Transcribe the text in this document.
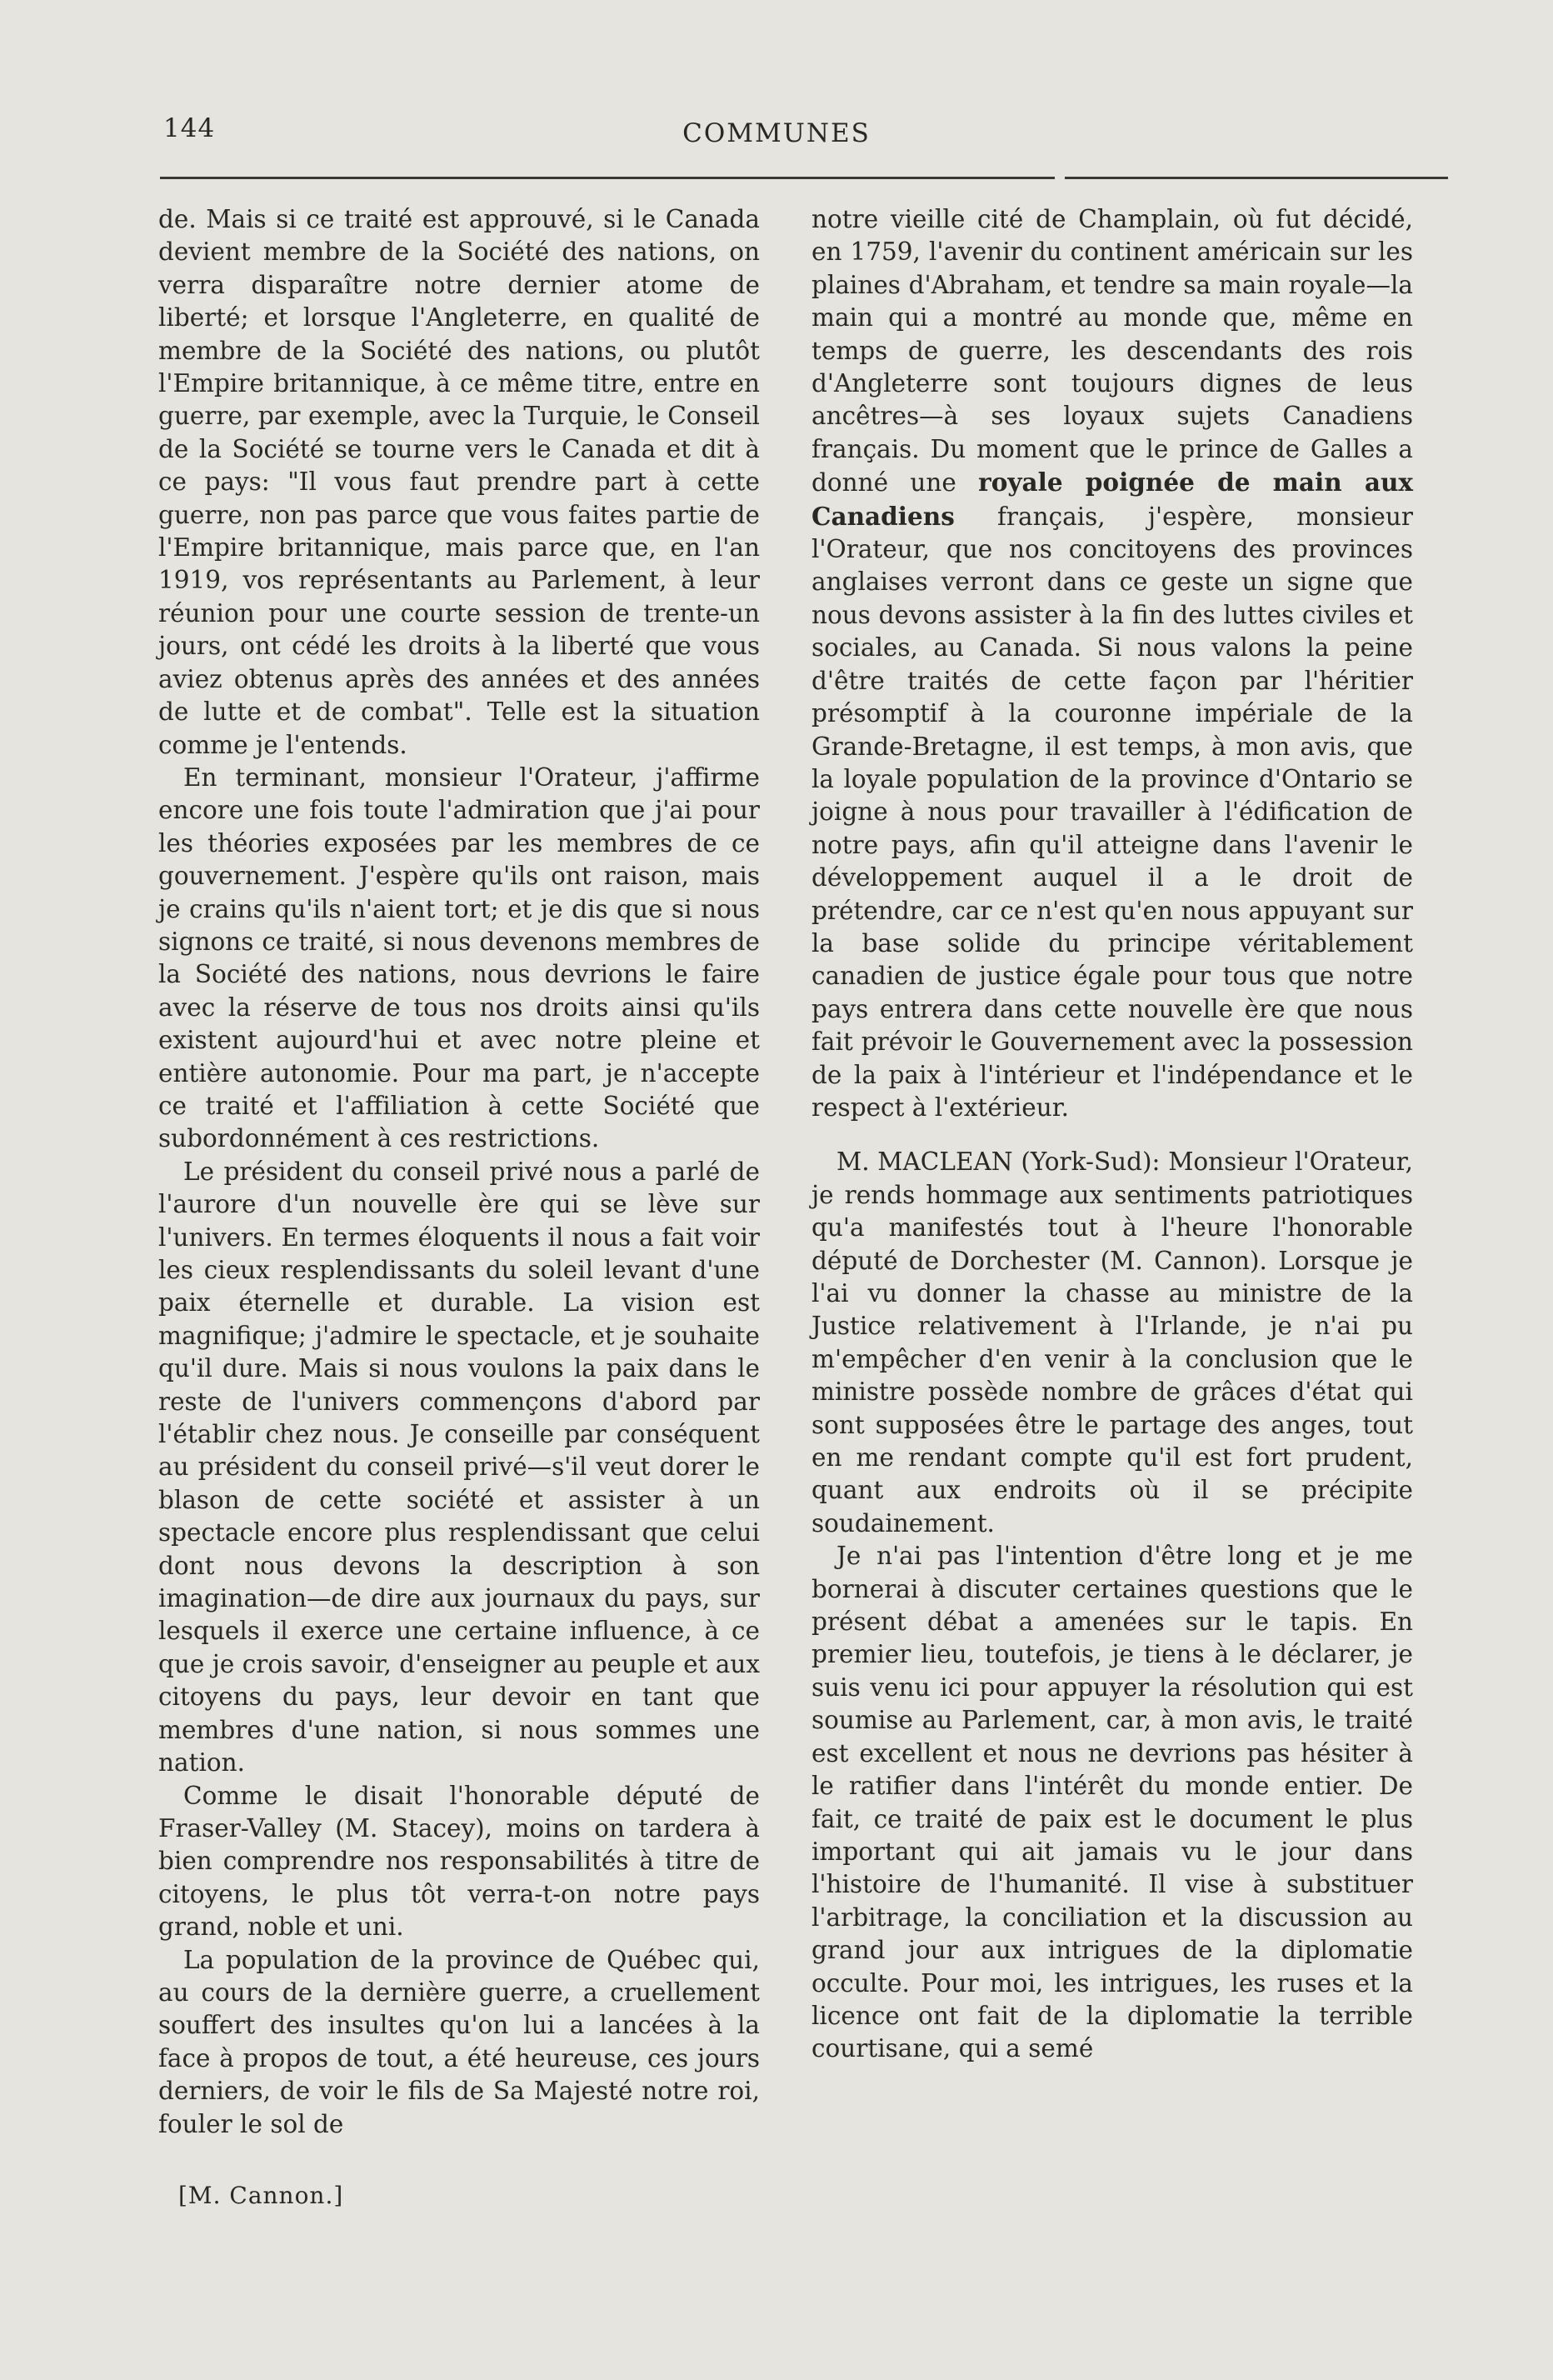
144	COMMUNES

de. Mais si ce traité est approuvé, si le Canada devient membre de la Société des nations, on verra disparaître notre dernier atome de liberté; et lorsque l'Angleterre, en qualité de membre de la Société des nations, ou plutôt l'Empire britannique, à ce même titre, entre en guerre, par exemple, avec la Turquie, le Conseil de la Société se tourne vers le Canada et dit à ce pays: "Il vous faut prendre part à cette guerre, non pas parce que vous faites partie de l'Empire britannique, mais parce que, en l'an 1919, vos représentants au Parlement, à leur réunion pour une courte session de trente-un jours, ont cédé les droits à la liberté que vous aviez obtenus après des années et des années de lutte et de combat". Telle est la situation comme je l'entends.

En terminant, monsieur l'Orateur, j'affirme encore une fois toute l'admiration que j'ai pour les théories exposées par les membres de ce gouvernement. J'espère qu'ils ont raison, mais je crains qu'ils n'aient tort; et je dis que si nous signons ce traité, si nous devenons membres de la Société des nations, nous devrions le faire avec la réserve de tous nos droits ainsi qu'ils existent aujourd'hui et avec notre pleine et entière autonomie. Pour ma part, je n'accepte ce traité et l'affiliation à cette Société que subordonnément à ces restrictions.

Le président du conseil privé nous a parlé de l'aurore d'un nouvelle ère qui se lève sur l'univers. En termes éloquents il nous a fait voir les cieux resplendissants du soleil levant d'une paix éternelle et durable. La vision est magnifique; j'admire le spectacle, et je souhaite qu'il dure. Mais si nous voulons la paix dans le reste de l'univers commençons d'abord par l'établir chez nous. Je conseille par conséquent au président du conseil privé—s'il veut dorer le blason de cette société et assister à un spectacle encore plus resplendissant que celui dont nous devons la description à son imagination—de dire aux journaux du pays, sur lesquels il exerce une certaine influence, à ce que je crois savoir, d'enseigner au peuple et aux citoyens du pays, leur devoir en tant que membres d'une nation, si nous sommes une nation.

Comme le disait l'honorable député de Fraser-Valley (M. Stacey), moins on tardera à bien comprendre nos responsabilités à titre de citoyens, le plus tôt verra-t-on notre pays grand, noble et uni.

La population de la province de Québec qui, au cours de la dernière guerre, a cruellement souffert des insultes qu'on lui a lancées à la face à propos de tout, a été heureuse, ces jours derniers, de voir le fils de Sa Majesté notre roi, fouler le sol de

notre vieille cité de Champlain, où fut décidé, en 1759, l'avenir du continent américain sur les plaines d'Abraham, et tendre sa main royale—la main qui a montré au monde que, même en temps de guerre, les descendants des rois d'Angleterre sont toujours dignes de leus ancêtres—à ses loyaux sujets Canadiens français. Du moment que le prince de Galles a donné une royale poignée de main aux Canadiens français, j'espère, monsieur l'Orateur, que nos concitoyens des provinces anglaises verront dans ce geste un signe que nous devons assister à la fin des luttes civiles et sociales, au Canada. Si nous valons la peine d'être traités de cette façon par l'héritier présomptif à la couronne impériale de la Grande-Bretagne, il est temps, à mon avis, que la loyale population de la province d'Ontario se joigne à nous pour travailler à l'édification de notre pays, afin qu'il atteigne dans l'avenir le développement auquel il a le droit de prétendre, car ce n'est qu'en nous appuyant sur la base solide du principe véritablement canadien de justice égale pour tous que notre pays entrera dans cette nouvelle ère que nous fait prévoir le Gouvernement avec la possession de la paix à l'intérieur et l'indépendance et le respect à l'extérieur.

M. MACLEAN (York-Sud): Monsieur l'Orateur, je rends hommage aux sentiments patriotiques qu'a manifestés tout à l'heure l'honorable député de Dorchester (M. Cannon). Lorsque je l'ai vu donner la chasse au ministre de la Justice relativement à l'Irlande, je n'ai pu m'empêcher d'en venir à la conclusion que le ministre possède nombre de grâces d'état qui sont supposées être le partage des anges, tout en me rendant compte qu'il est fort prudent, quant aux endroits où il se précipite soudainement.

Je n'ai pas l'intention d'être long et je me bornerai à discuter certaines questions que le présent débat a amenées sur le tapis. En premier lieu, toutefois, je tiens à le déclarer, je suis venu ici pour appuyer la résolution qui est soumise au Parlement, car, à mon avis, le traité est excellent et nous ne devrions pas hésiter à le ratifier dans l'intérêt du monde entier. De fait, ce traité de paix est le document le plus important qui ait jamais vu le jour dans l'histoire de l'humanité. Il vise à substituer l'arbitrage, la conciliation et la discussion au grand jour aux intrigues de la diplomatie occulte. Pour moi, les intrigues, les ruses et la licence ont fait de la diplomatie la terrible courtisane, qui a semé

[M. Cannon.]
